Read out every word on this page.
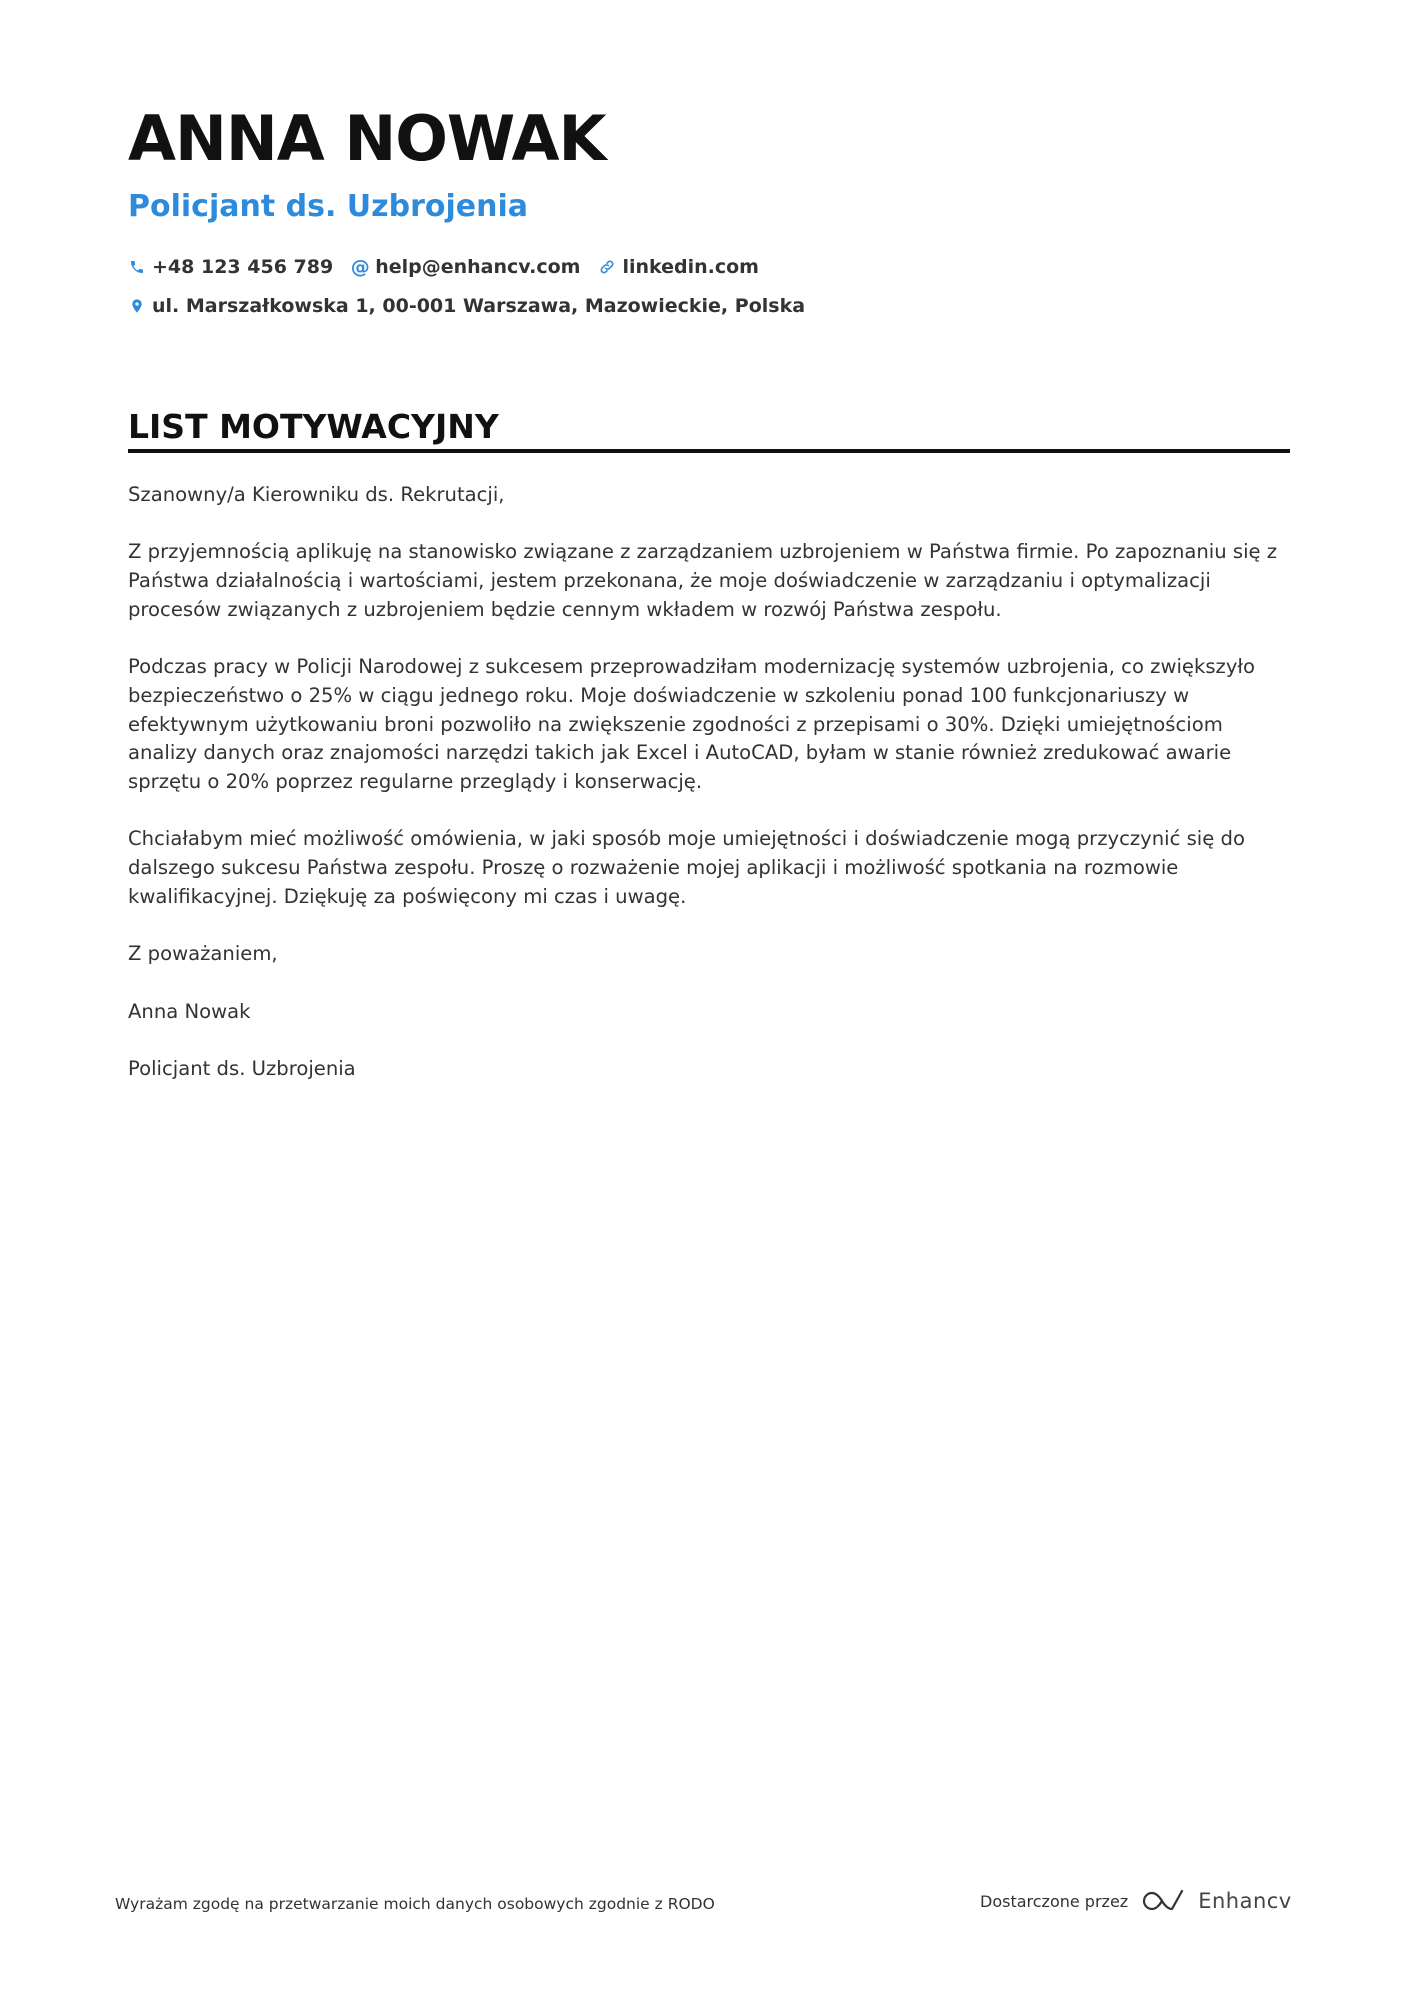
ANNA NOWAK
Policjant ds. Uzbrojenia
+48 123 456 789 @ help@enhancv.com linkedin.com
ul. Marszałkowska 1, 00-001 Warszawa, Mazowieckie, Polska
LIST MOTYWACYJNY

Szanowny/a Kierowniku ds. Rekrutacji,

Z przyjemnością aplikuję na stanowisko związane z zarządzaniem uzbrojeniem w Państwa firmie. Po zapoznaniu się z Państwa działalnością i wartościami, jestem przekonana, że moje doświadczenie w zarządzaniu i optymalizacji procesów związanych z uzbrojeniem będzie cennym wkładem w rozwój Państwa zespołu.

Podczas pracy w Policji Narodowej z sukcesem przeprowadziłam modernizację systemów uzbrojenia, co zwiększyło bezpieczeństwo o 25% w ciągu jednego roku. Moje doświadczenie w szkoleniu ponad 100 funkcjonariuszy w efektywnym użytkowaniu broni pozwoliło na zwiększenie zgodności z przepisami o 30%. Dzięki umiejętnościom analizy danych oraz znajomości narzędzi takich jak Excel i AutoCAD, byłam w stanie również zredukować awarie sprzętu o 20% poprzez regularne przeglądy i konserwację.

Chciałabym mieć możliwość omówienia, w jaki sposób moje umiejętności i doświadczenie mogą przyczynić się do dalszego sukcesu Państwa zespołu. Proszę o rozważenie mojej aplikacji i możliwość spotkania na rozmowie kwalifikacyjnej. Dziękuję za poświęcony mi czas i uwagę.

Z poważaniem,

Anna Nowak

Policjant ds. Uzbrojenia

Wyrażam zgodę na przetwarzanie moich danych osobowych zgodnie z RODO	Dostarczone przez	Enhancv
